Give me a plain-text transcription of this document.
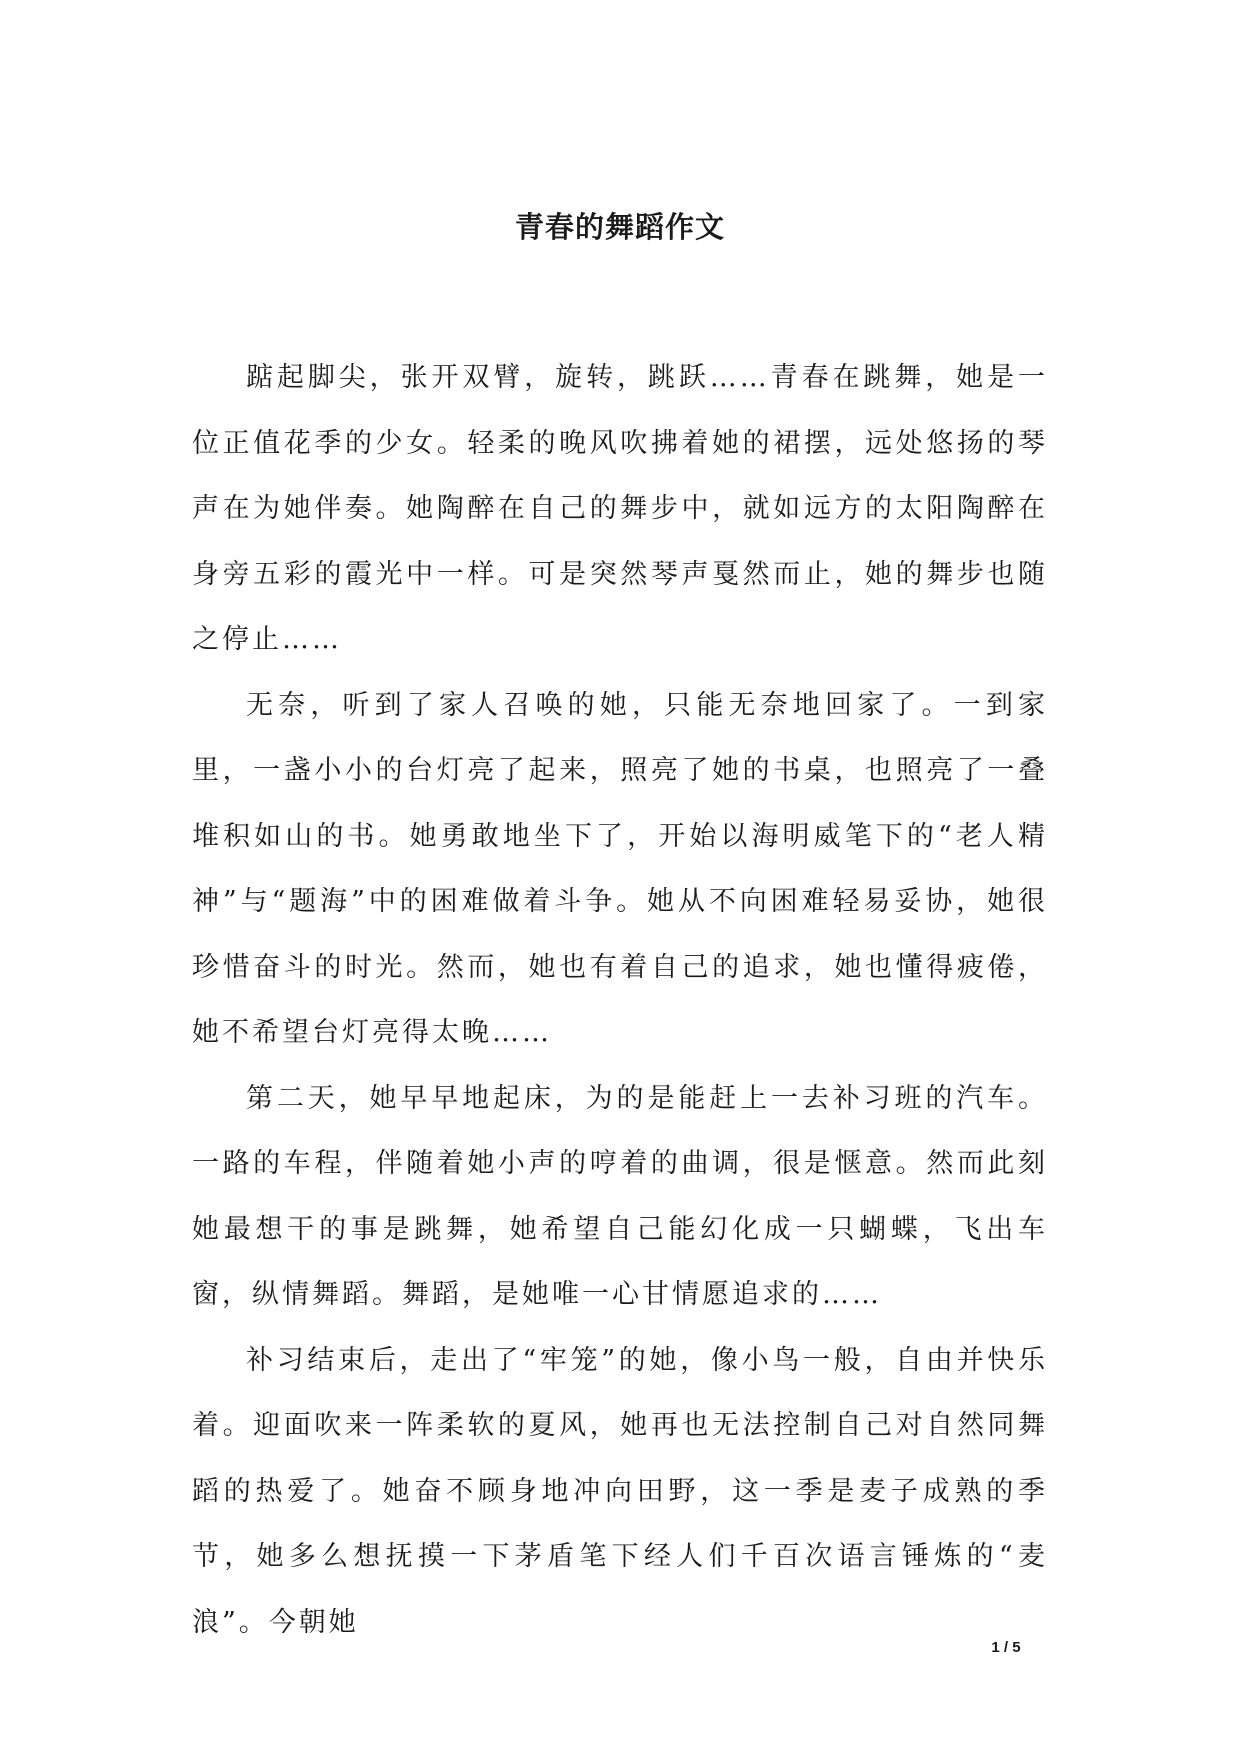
青春的舞蹈作文

踮起脚尖，张开双臂，旋转，跳跃……青春在跳舞，她是一位正值花季的少女。轻柔的晚风吹拂着她的裙摆，远处悠扬的琴声在为她伴奏。她陶醉在自己的舞步中，就如远方的太阳陶醉在身旁五彩的霞光中一样。可是突然琴声戛然而止，她的舞步也随之停止……

无奈，听到了家人召唤的她，只能无奈地回家了。一到家里，一盏小小的台灯亮了起来，照亮了她的书桌，也照亮了一叠堆积如山的书。她勇敢地坐下了，开始以海明威笔下的“老人精神”与“题海”中的困难做着斗争。她从不向困难轻易妥协，她很珍惜奋斗的时光。然而，她也有着自己的追求，她也懂得疲倦，她不希望台灯亮得太晚……

第二天，她早早地起床，为的是能赶上一去补习班的汽车。一路的车程，伴随着她小声的哼着的曲调，很是惬意。然而此刻她最想干的事是跳舞，她希望自己能幻化成一只蝴蝶，飞出车窗，纵情舞蹈。舞蹈，是她唯一心甘情愿追求的……

补习结束后，走出了“牢笼”的她，像小鸟一般，自由并快乐着。迎面吹来一阵柔软的夏风，她再也无法控制自己对自然同舞蹈的热爱了。她奋不顾身地冲向田野，这一季是麦子成熟的季节，她多么想抚摸一下茅盾笔下经人们千百次语言锤炼的“麦浪”。今朝她

1 / 5
